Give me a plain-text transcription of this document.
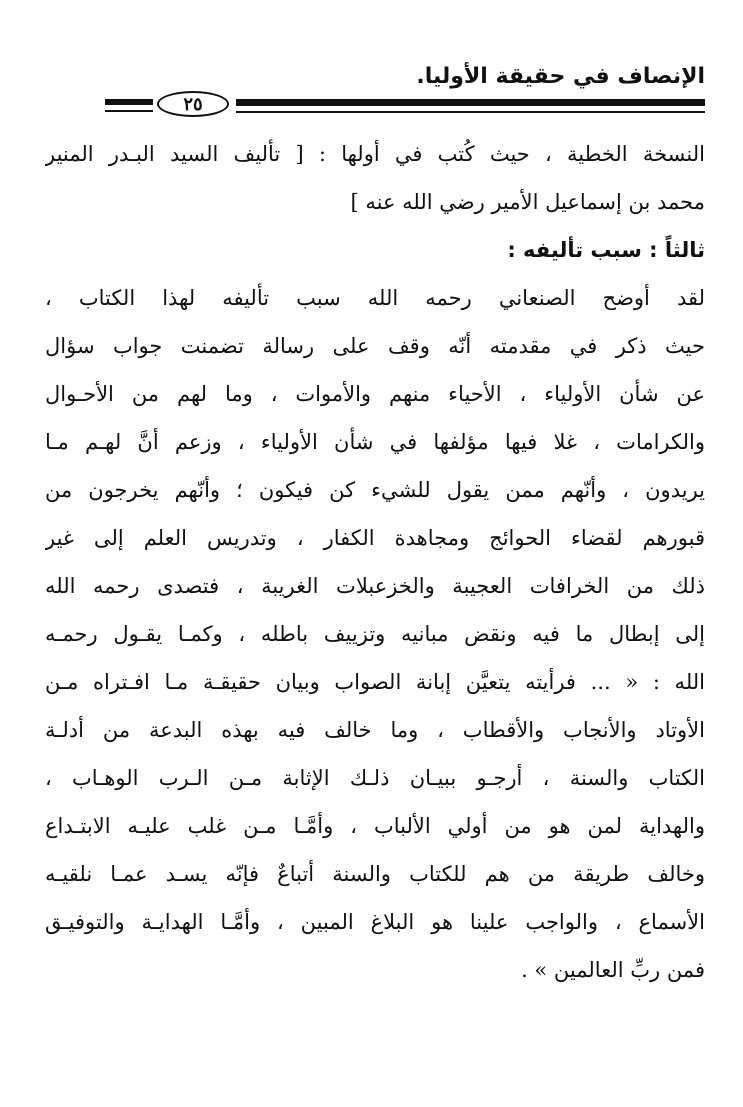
الإنصاف في حقيقة الأوليا.
٢٥
النسخة الخطية ، حيث كُتب في أولها : [ تأليف السيد البـدر المنير
محمد بن إسماعيل الأمير رضي الله عنه ]
ثالثاً : سبب تأليفه :
لقد أوضح الصنعاني رحمه الله سبب تأليفه لهذا الكتاب ،
حيث ذكر في مقدمته أنّه وقف على رسالة تضمنت جواب سؤال
عن شأن الأولياء ، الأحياء منهم والأموات ، وما لهم من الأحـوال
والكرامات ، غلا فيها مؤلفها في شأن الأولياء ، وزعم أنَّ لهـم مـا
يريدون ، وأنّهم ممن يقول للشيء كن فيكون ؛ وأنّهم يخرجون من
قبورهم لقضاء الحوائج ومجاهدة الكفار ، وتدريس العلم إلى غير
ذلك من الخرافات العجيبة والخزعبلات الغريبة ، فتصدى رحمه الله
إلى إبطال ما فيه ونقض مبانيه وتزييف باطله ، وكمـا يقـول رحمـه
الله : « ... فرأيته يتعيَّن إبانة الصواب وبيان حقيقـة مـا افـتراه مـن
الأوتاد والأنجاب والأقطاب ، وما خالف فيه بهذه البدعة من أدلـة
الكتاب والسنة ، أرجـو ببيـان ذلـك الإثابة مـن الـرب الوهـاب ،
والهداية لمن هو من أولي الألباب ، وأمَّـا مـن غلب عليـه الابتـداع
وخالف طريقة من هم للكتاب والسنة أتباعٌ فإنّه يسـد عمـا نلقيـه
الأسماع ، والواجب علينا هو البلاغ المبين ، وأمَّـا الهدايـة والتوفيـق
فمن ربِّ العالمين » .
